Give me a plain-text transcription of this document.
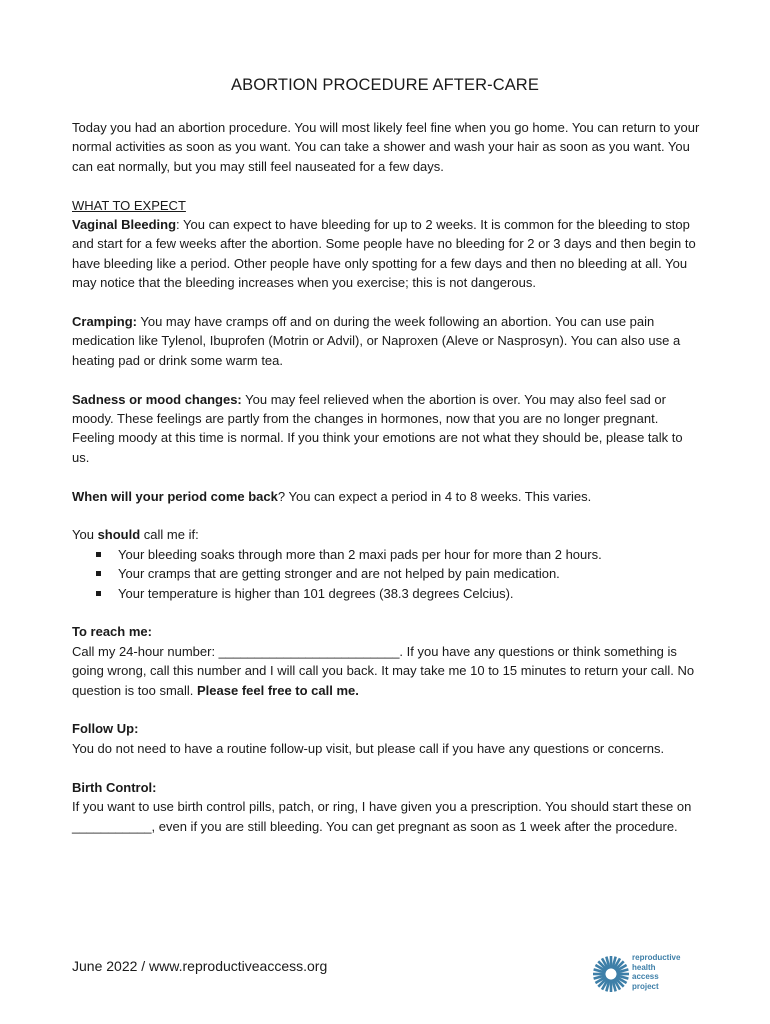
ABORTION PROCEDURE AFTER-CARE

Today you had an abortion procedure. You will most likely feel fine when you go home. You can return to your normal activities as soon as you want. You can take a shower and wash your hair as soon as you want. You can eat normally, but you may still feel nauseated for a few days.

WHAT TO EXPECT
Vaginal Bleeding: You can expect to have bleeding for up to 2 weeks. It is common for the bleeding to stop and start for a few weeks after the abortion. Some people have no bleeding for 2 or 3 days and then begin to have bleeding like a period. Other people have only spotting for a few days and then no bleeding at all. You may notice that the bleeding increases when you exercise; this is not dangerous.

Cramping: You may have cramps off and on during the week following an abortion. You can use pain medication like Tylenol, Ibuprofen (Motrin or Advil), or Naproxen (Aleve or Nasprosyn). You can also use a heating pad or drink some warm tea.

Sadness or mood changes: You may feel relieved when the abortion is over. You may also feel sad or moody. These feelings are partly from the changes in hormones, now that you are no longer pregnant. Feeling moody at this time is normal. If you think your emotions are not what they should be, please talk to us.

When will your period come back? You can expect a period in 4 to 8 weeks. This varies.

You should call me if:
Your bleeding soaks through more than 2 maxi pads per hour for more than 2 hours.
Your cramps that are getting stronger and are not helped by pain medication.
Your temperature is higher than 101 degrees (38.3 degrees Celcius).
To reach me:
Call my 24-hour number: _________________________. If you have any questions or think something is going wrong, call this number and I will call you back. It may take me 10 to 15 minutes to return your call. No question is too small. Please feel free to call me.
Follow Up:
You do not need to have a routine follow-up visit, but please call if you have any questions or concerns.
Birth Control:
If you want to use birth control pills, patch, or ring, I have given you a prescription. You should start these on ___________, even if you are still bleeding. You can get pregnant as soon as 1 week after the procedure.
June 2022 / www.reproductiveaccess.org
reproductive
health
access
project
